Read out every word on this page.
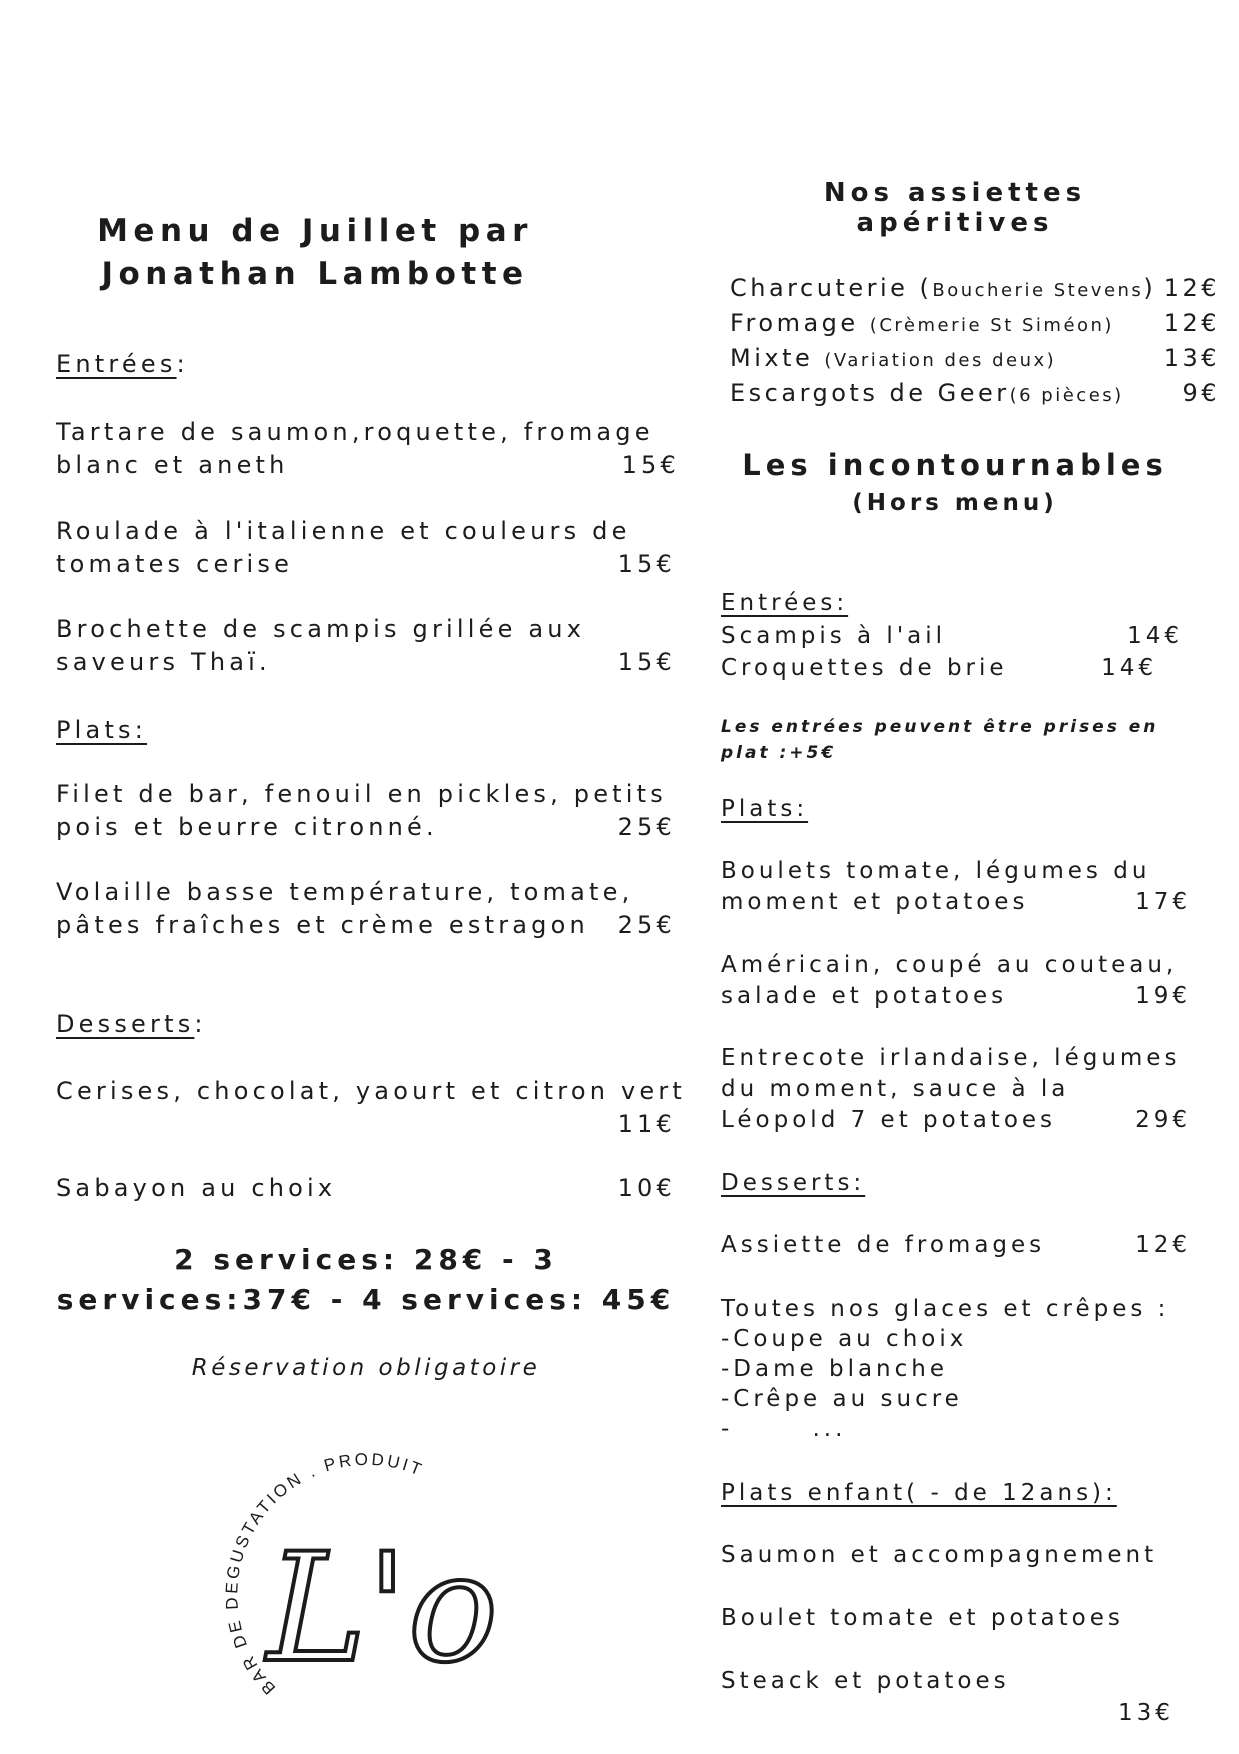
Menu de Juillet par Jonathan Lambotte
Entrées:
Tartare de saumon,roquette, fromage
blanc et aneth	15€
Roulade à l'italienne et couleurs de
tomates cerise	15€
Brochette de scampis grillée aux
saveurs Thaï.	15€
Plats:
Filet de bar, fenouil en pickles, petits
pois et beurre citronné.	25€
Volaille basse température, tomate,
pâtes fraîches et crème estragon 25€
Desserts:
Cerises, chocolat, yaourt et citron vert
11€
Sabayon au choix	10€
2 services: 28€ - 3
services:37€ - 4 services: 45€
Réservation obligatoire
BAR DE DEGUSTATION . PRODUIT
L'o
Nos assiettes apéritives
Charcuterie (Boucherie Stevens) 12€
Fromage (Crèmerie St Siméon) 12€
Mixte (Variation des deux)	13€
Escargots de Geer(6 pièces) 9€
Les incontournables
(Hors menu)
Entrées:
Scampis à l'ail	14€
Croquettes de brie	14€
Les entrées peuvent être prises en
plat :+5€
Plats:
Boulets tomate, légumes du
moment et potatoes	17€
Américain, coupé au couteau,
salade et potatoes	19€
Entrecote irlandaise, légumes
du moment, sauce à la
Léopold 7 et potatoes	29€
Desserts:
Assiette de fromages	12€
Toutes nos glaces et crêpes :
-Coupe au choix
-Dame blanche
-Crêpe au sucre
-       ...
Plats enfant( - de 12ans):
Saumon et accompagnement
Boulet tomate et potatoes
Steack et potatoes
13€
